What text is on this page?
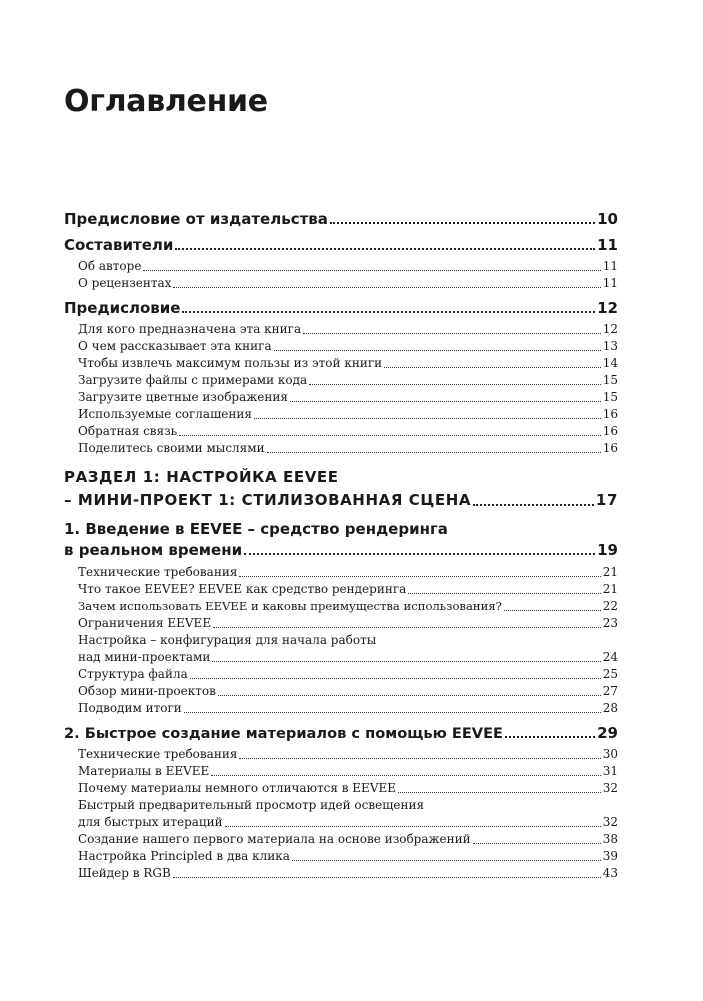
Оглавление
Предисловие от издательства	10
Составители	11
Об авторе	11
О рецензентах	11
Предисловие	12
Для кого предназначена эта книга	12
О чем рассказывает эта книга	13
Чтобы извлечь максимум пользы из этой книги	14
Загрузите файлы с примерами кода	15
Загрузите цветные изображения	15
Используемые соглашения	16
Обратная связь	16
Поделитесь своими мыслями	16
РАЗДЕЛ 1: НАСТРОЙКА EEVEE
– МИНИ-ПРОЕКТ 1: СТИЛИЗОВАННАЯ СЦЕНА	17
1. Введение в EEVEE – средство рендеринга
в реальном времени	19
Технические требования	21
Что такое EEVEE? EEVEE как средство рендеринга	21
Зачем использовать EEVEE и каковы преимущества использования?	22
Ограничения EEVEE	23
Настройка – конфигурация для начала работы
над мини-проектами	24
Структура файла	25
Обзор мини-проектов	27
Подводим итоги	28
2. Быстрое создание материалов с помощью EEVEE	29
Технические требования	30
Материалы в EEVEE	31
Почему материалы немного отличаются в EEVEE	32
Быстрый предварительный просмотр идей освещения
для быстрых итераций	32
Создание нашего первого материала на основе изображений	38
Настройка Principled в два клика	39
Шейдер в RGB	43
